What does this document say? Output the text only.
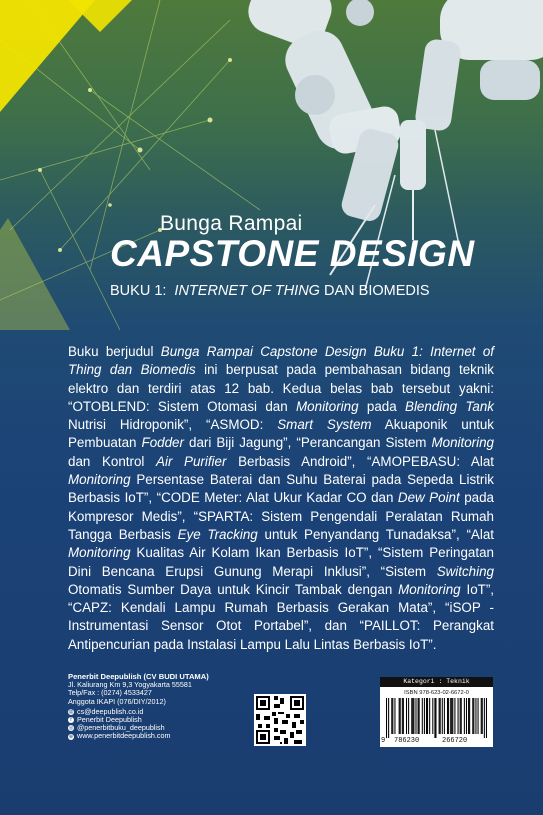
Bunga Rampai
CAPSTONE DESIGN
BUKU 1: INTERNET OF THING DAN BIOMEDIS
Buku berjudul Bunga Rampai Capstone Design Buku 1: Internet of Thing dan Biomedis ini berpusat pada pembahasan bidang teknik elektro dan terdiri atas 12 bab. Kedua belas bab tersebut yakni: “OTOBLEND: Sistem Otomasi dan Monitoring pada Blending Tank Nutrisi Hidroponik”, “ASMOD: Smart System Akuaponik untuk Pembuatan Fodder dari Biji Jagung”, “Perancangan Sistem Monitoring dan Kontrol Air Purifier Berbasis Android”, “AMOPEBASU: Alat Monitoring Persentase Baterai dan Suhu Baterai pada Sepeda Listrik Berbasis IoT”, “CODE Meter: Alat Ukur Kadar CO dan Dew Point pada Kompresor Medis”, “SPARTA: Sistem Pengendali Peralatan Rumah Tangga Berbasis Eye Tracking untuk Penyandang Tunadaksa”, “Alat Monitoring Kualitas Air Kolam Ikan Berbasis IoT”, “Sistem Peringatan Dini Bencana Erupsi Gunung Merapi Inklusi”, “Sistem Switching Otomatis Sumber Daya untuk Kincir Tambak dengan Monitoring IoT”, “CAPZ: Kendali Lampu Rumah Berbasis Gerakan Mata”, “iSOP - Instrumentasi Sensor Otot Portabel”, dan “PAILLOT: Perangkat Antipencurian pada Instalasi Lampu Lalu Lintas Berbasis IoT”.
Penerbit Deepublish (CV BUDI UTAMA)
Jl. Kaliurang Km 9,3 Yogyakarta 55581
Telp/Fax : (0274) 4533427
Anggota IKAPI (076/DIY/2012)
@ cs@deepublish.co.id
f Penerbit Deepublish
◎ @penerbitbuku_deepublish
⊕ www.penerbitdeepublish.com
Kategori : Teknik
ISBN 978-623-02-6672-0
9 786230	266720
